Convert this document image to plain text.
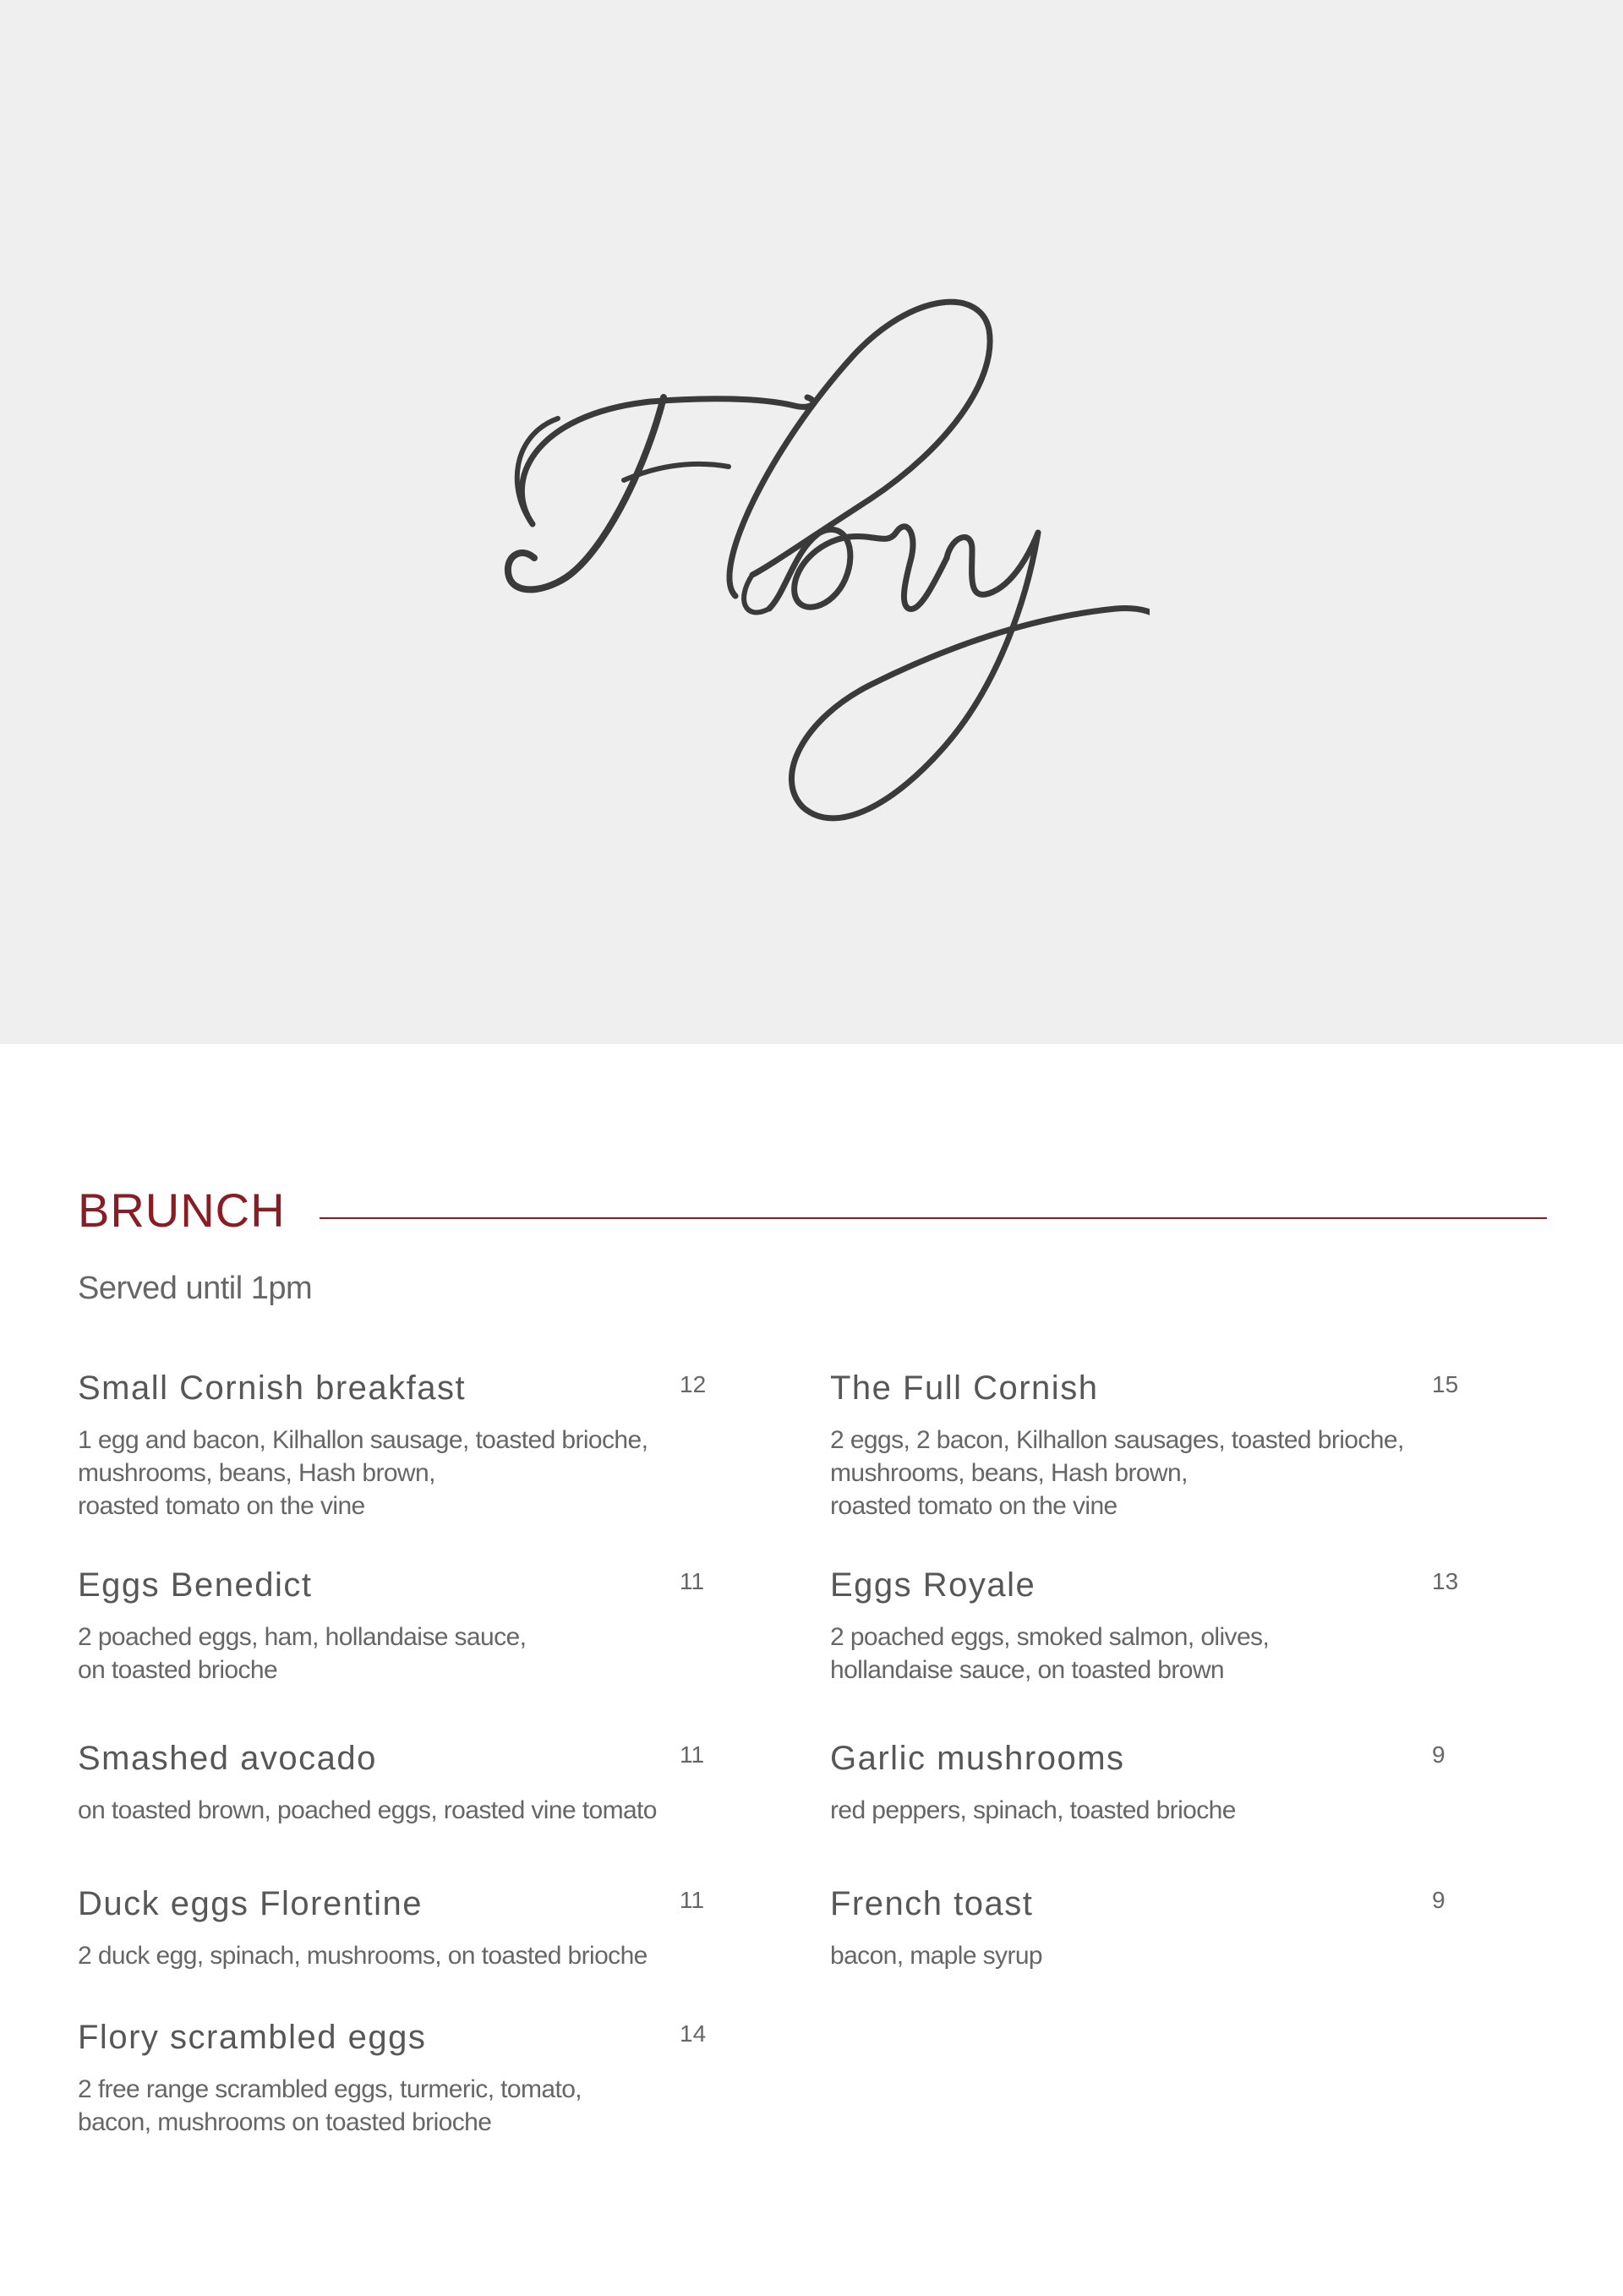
BRUNCH
Served until 1pm
Small Cornish breakfast	12
1 egg and bacon, Kilhallon sausage, toasted brioche,
mushrooms, beans, Hash brown,
roasted tomato on the vine
The Full Cornish	15
2 eggs, 2 bacon, Kilhallon sausages, toasted brioche,
mushrooms, beans, Hash brown,
roasted tomato on the vine
Eggs Benedict	11
2 poached eggs, ham, hollandaise sauce,
on toasted brioche
Eggs Royale	13
2 poached eggs, smoked salmon, olives,
hollandaise sauce, on toasted brown
Smashed avocado	11
on toasted brown, poached eggs, roasted vine tomato
Garlic mushrooms	9
red peppers, spinach, toasted brioche
Duck eggs Florentine	11
2 duck egg, spinach, mushrooms, on toasted brioche
French toast	9
bacon, maple syrup
Flory scrambled eggs	14
2 free range scrambled eggs, turmeric, tomato,
bacon, mushrooms on toasted brioche
